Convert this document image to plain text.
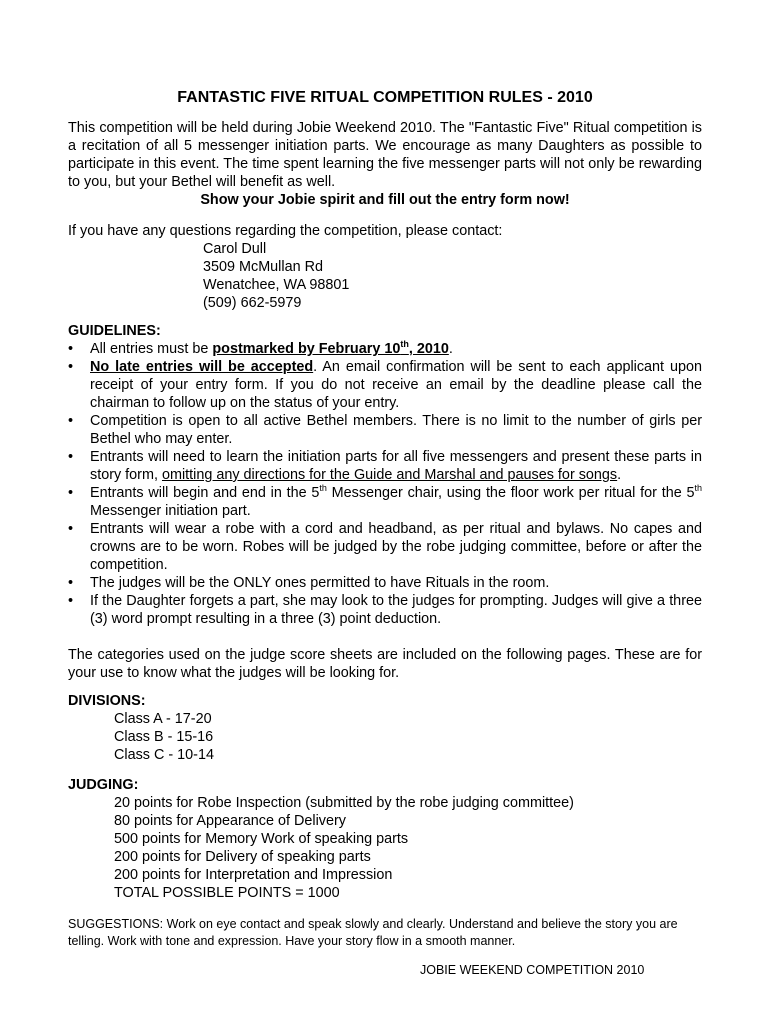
FANTASTIC FIVE RITUAL COMPETITION RULES - 2010
This competition will be held during Jobie Weekend 2010. The "Fantastic Five" Ritual competition is a recitation of all 5 messenger initiation parts. We encourage as many Daughters as possible to participate in this event. The time spent learning the five messenger parts will not only be rewarding to you, but your Bethel will benefit as well.
Show your Jobie spirit and fill out the entry form now!
If you have any questions regarding the competition, please contact:
Carol Dull
3509 McMullan Rd
Wenatchee, WA 98801
(509) 662-5979
GUIDELINES:
• All entries must be postmarked by February 10th, 2010.
• No late entries will be accepted. An email confirmation will be sent to each applicant upon receipt of your entry form. If you do not receive an email by the deadline please call the chairman to follow up on the status of your entry.
• Competition is open to all active Bethel members. There is no limit to the number of girls per Bethel who may enter.
• Entrants will need to learn the initiation parts for all five messengers and present these parts in story form, omitting any directions for the Guide and Marshal and pauses for songs.
• Entrants will begin and end in the 5th Messenger chair, using the floor work per ritual for the 5th Messenger initiation part.
• Entrants will wear a robe with a cord and headband, as per ritual and bylaws. No capes and crowns are to be worn. Robes will be judged by the robe judging committee, before or after the competition.
• The judges will be the ONLY ones permitted to have Rituals in the room.
• If the Daughter forgets a part, she may look to the judges for prompting. Judges will give a three (3) word prompt resulting in a three (3) point deduction.
The categories used on the judge score sheets are included on the following pages. These are for your use to know what the judges will be looking for.
DIVISIONS:
Class A - 17-20
Class B - 15-16
Class C - 10-14
JUDGING:
20 points for Robe Inspection (submitted by the robe judging committee)
80 points for Appearance of Delivery
500 points for Memory Work of speaking parts
200 points for Delivery of speaking parts
200 points for Interpretation and Impression
TOTAL POSSIBLE POINTS = 1000
SUGGESTIONS: Work on eye contact and speak slowly and clearly. Understand and believe the story you are telling. Work with tone and expression. Have your story flow in a smooth manner.
JOBIE WEEKEND COMPETITION 2010
